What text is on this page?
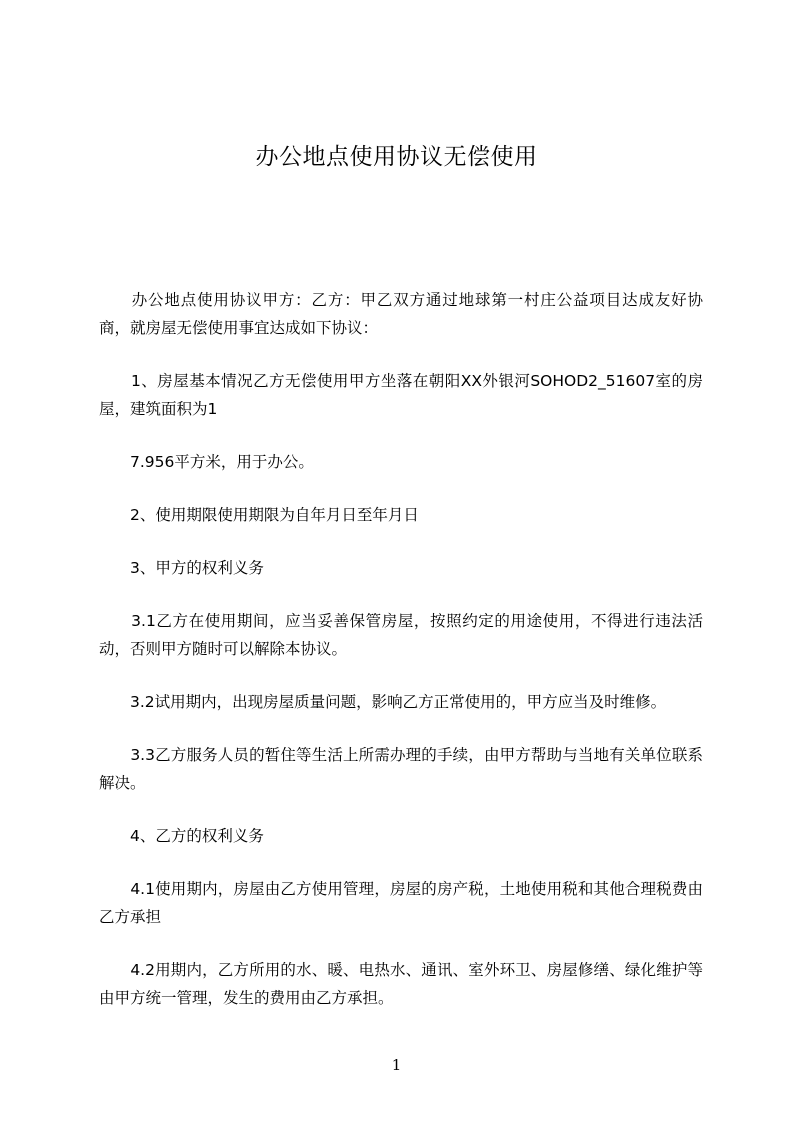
办公地点使用协议无偿使用

　　办公地点使用协议甲方：乙方：甲乙双方通过地球第一村庄公益项目达成友好协商，就房屋无偿使用事宜达成如下协议：

　　1、房屋基本情况乙方无偿使用甲方坐落在朝阳XX外银河SOHOD2_51607室的房屋，建筑面积为1

　　7.956平方米，用于办公。

　　2、使用期限使用期限为自年月日至年月日

　　3、甲方的权利义务

　　3.1乙方在使用期间，应当妥善保管房屋，按照约定的用途使用，不得进行违法活动，否则甲方随时可以解除本协议。

　　3.2试用期内，出现房屋质量问题，影响乙方正常使用的，甲方应当及时维修。

　　3.3乙方服务人员的暂住等生活上所需办理的手续，由甲方帮助与当地有关单位联系解决。

　　4、乙方的权利义务

　　4.1使用期内，房屋由乙方使用管理，房屋的房产税，土地使用税和其他合理税费由乙方承担

　　4.2用期内，乙方所用的水、暖、电热水、通讯、室外环卫、房屋修缮、绿化维护等由甲方统一管理，发生的费用由乙方承担。

1
